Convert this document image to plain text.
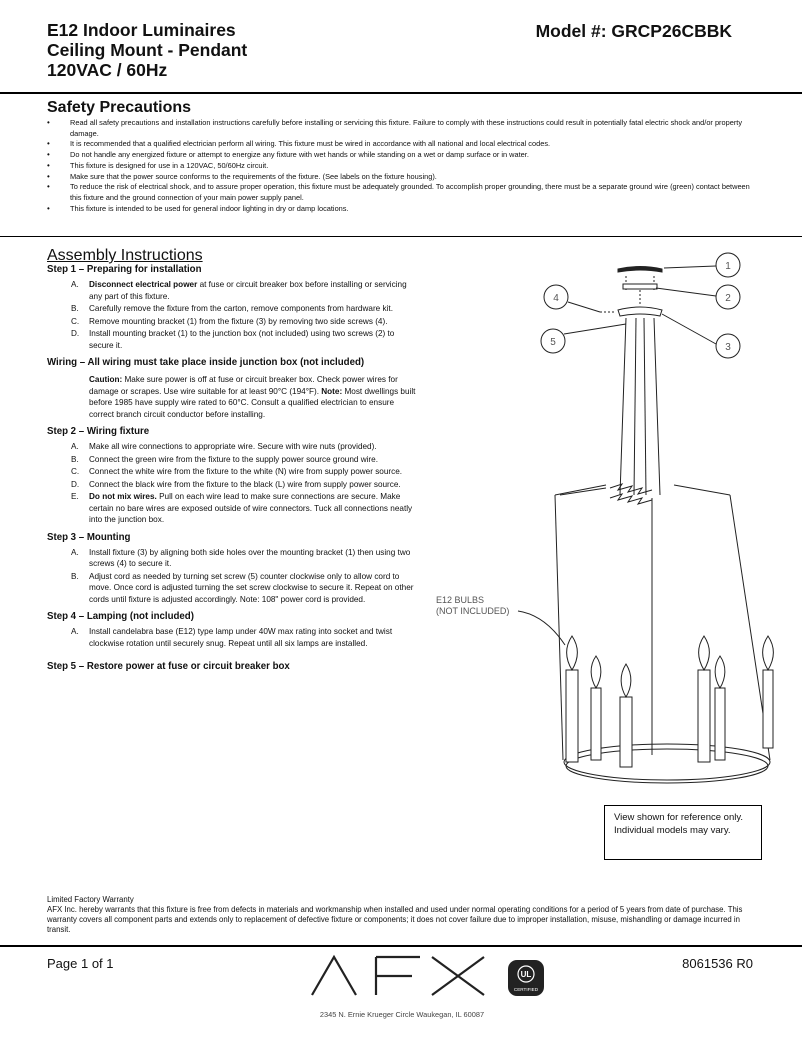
E12 Indoor Luminaires
Ceiling Mount - Pendant
120VAC / 60Hz
Model #: GRCP26CBBK
Safety Precautions
• Read all safety precautions and installation instructions carefully before installing or servicing this fixture. Failure to comply with these instructions could result in potentially fatal electric shock and/or property damage.
• It is recommended that a qualified electrician perform all wiring. This fixture must be wired in accordance with all national and local electrical codes.
• Do not handle any energized fixture or attempt to energize any fixture with wet hands or while standing on a wet or damp surface or in water.
• This fixture is designed for use in a 120VAC, 50/60Hz circuit.
• Make sure that the power source conforms to the requirements of the fixture. (See labels on the fixture housing).
• To reduce the risk of electrical shock, and to assure proper operation, this fixture must be adequately grounded. To accomplish proper grounding, there must be a separate ground wire (green) contact between this fixture and the ground connection of your main power supply panel.
• This fixture is intended to be used for general indoor lighting in dry or damp locations.
Assembly Instructions
Step 1 – Preparing for installation
A. Disconnect electrical power at fuse or circuit breaker box before installing or servicing any part of this fixture.
B. Carefully remove the fixture from the carton, remove components from hardware kit.
C. Remove mounting bracket (1) from the fixture (3) by removing two side screws (4).
D. Install mounting bracket (1) to the junction box (not included) using two screws (2) to secure it.
Wiring – All wiring must take place inside junction box (not included)
Caution: Make sure power is off at fuse or circuit breaker box. Check power wires for damage or scrapes. Use wire suitable for at least 90°C (194°F). Note: Most dwellings built before 1985 have supply wire rated to 60°C. Consult a qualified electrician to ensure correct branch circuit conductor before installing.
Step 2 – Wiring fixture
A. Make all wire connections to appropriate wire. Secure with wire nuts (provided).
B. Connect the green wire from the fixture to the supply power source ground wire.
C. Connect the white wire from the fixture to the white (N) wire from supply power source.
D. Connect the black wire from the fixture to the black (L) wire from supply power source.
E. Do not mix wires. Pull on each wire lead to make sure connections are secure. Make certain no bare wires are exposed outside of wire connectors. Tuck all connections neatly into the junction box.
Step 3 – Mounting
A. Install fixture (3) by aligning both side holes over the mounting bracket (1) then using two screws (4) to secure it.
B. Adjust cord as needed by turning set screw (5) counter clockwise only to allow cord to move. Once cord is adjusted turning the set screw clockwise to secure it. Repeat on other cords until fixture is adjusted accordingly. Note: 108" power cord is provided.
Step 4 – Lamping (not included)
A. Install candelabra base (E12) type lamp under 40W max rating into socket and twist clockwise rotation until securely snug. Repeat until all six lamps are installed.
Step 5 – Restore power at fuse or circuit breaker box
E12 BULBS
(NOT INCLUDED)
1
2
3
4
5
View shown for reference only. Individual models may vary.
Limited Factory Warranty
AFX Inc. hereby warrants that this fixture is free from defects in materials and workmanship when installed and used under normal operating conditions for a period of 5 years from date of purchase. This warranty covers all component parts and extends only to replacement of defective fixture or components; it does not cover failure due to improper installation, misuse, mishandling or damage incurred in transit.
Page 1 of 1	8061536 R0
UL
CERTIFIED
2345 N. Ernie Krueger Circle Waukegan, IL 60087
